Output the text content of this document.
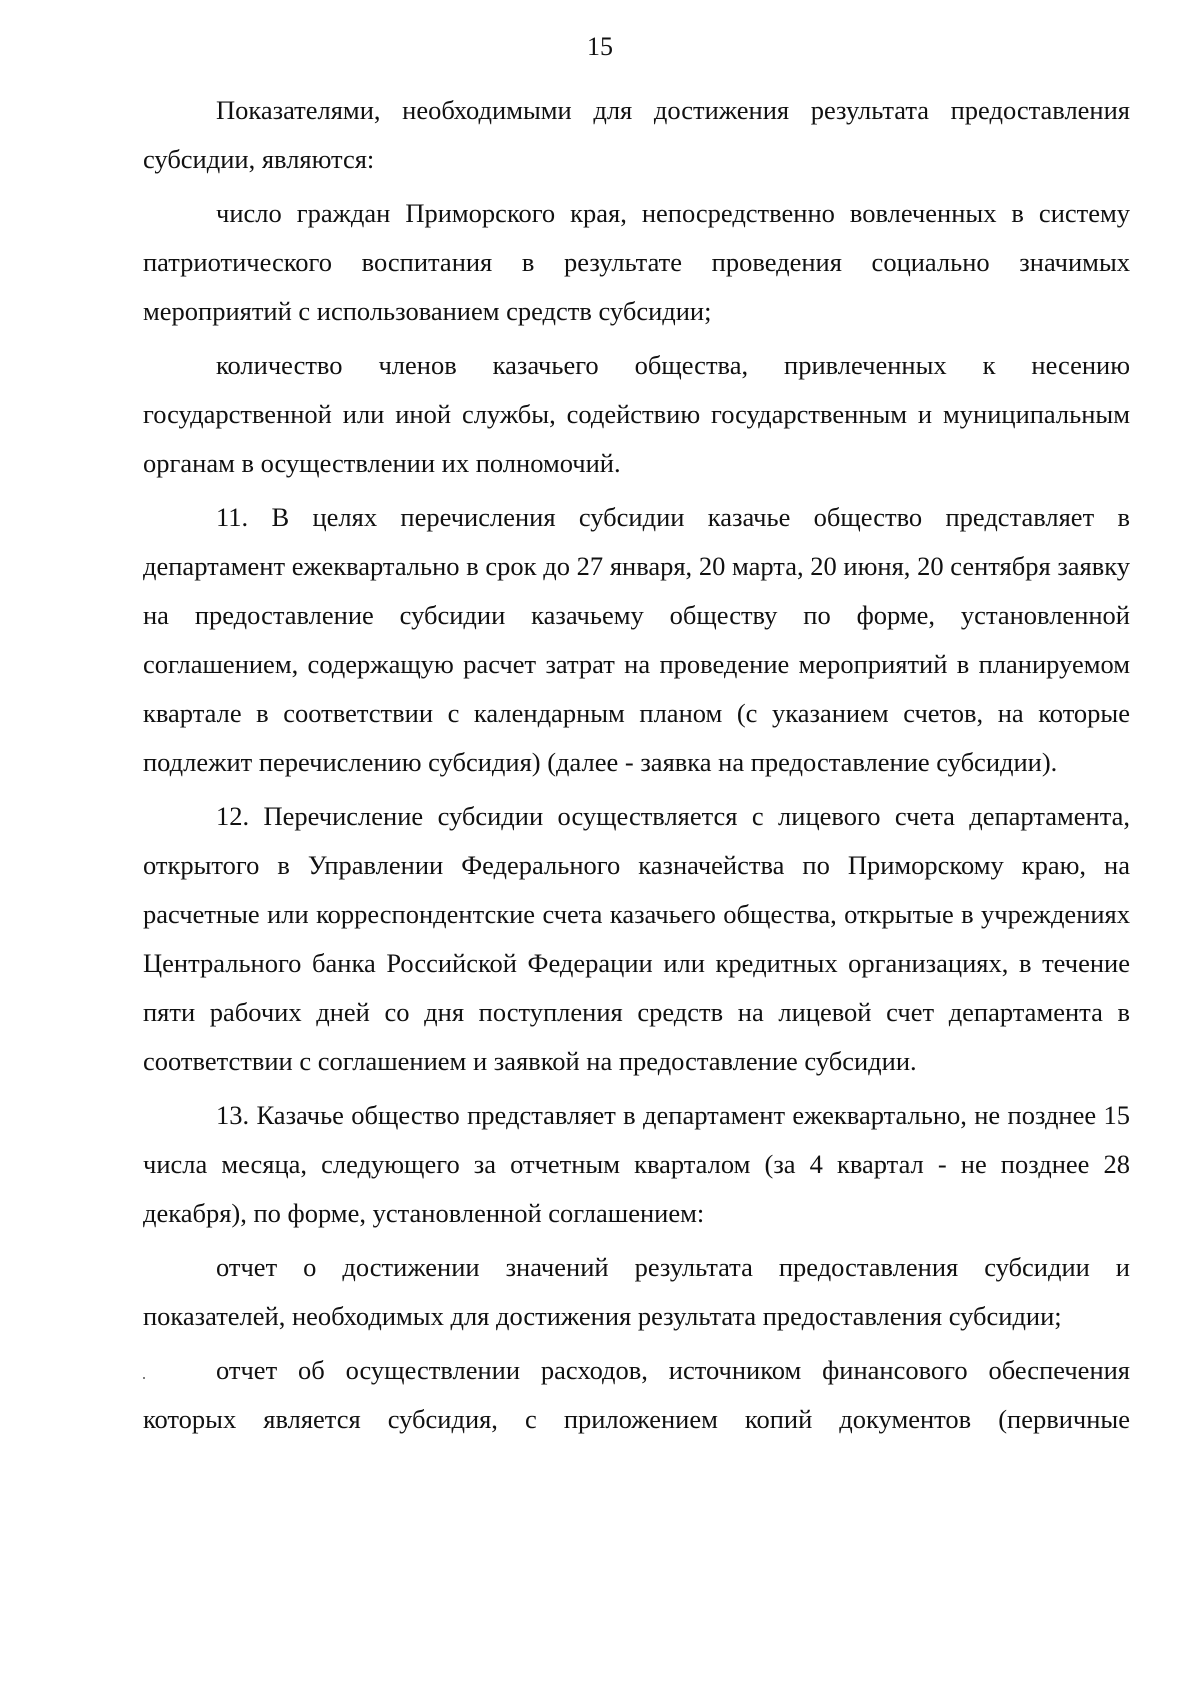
15

Показателями, необходимыми для достижения результата предоставления субсидии, являются:

число граждан Приморского края, непосредственно вовлеченных в систему патриотического воспитания в результате проведения социально значимых мероприятий с использованием средств субсидии;

количество членов казачьего общества, привлеченных к несению государственной или иной службы, содействию государственным и муниципальным органам в осуществлении их полномочий.

11. В целях перечисления субсидии казачье общество представляет в департамент ежеквартально в срок до 27 января, 20 марта, 20 июня, 20 сентября заявку на предоставление субсидии казачьему обществу по форме, установленной соглашением, содержащую расчет затрат на проведение мероприятий в планируемом квартале в соответствии с календарным планом (с указанием счетов, на которые подлежит перечислению субсидия) (далее - заявка на предоставление субсидии).

12. Перечисление субсидии осуществляется с лицевого счета департамента, открытого в Управлении Федерального казначейства по Приморскому краю, на расчетные или корреспондентские счета казачьего общества, открытые в учреждениях Центрального банка Российской Федерации или кредитных организациях, в течение пяти рабочих дней со дня поступления средств на лицевой счет департамента в соответствии с соглашением и заявкой на предоставление субсидии.

13. Казачье общество представляет в департамент ежеквартально, не позднее 15 числа месяца, следующего за отчетным кварталом (за 4 квартал - не позднее 28 декабря), по форме, установленной соглашением:

отчет о достижении значений результата предоставления субсидии и показателей, необходимых для достижения результата предоставления субсидии;

отчет об осуществлении расходов, источником финансового обеспечения которых является субсидия, с приложением копий документов (первичные
